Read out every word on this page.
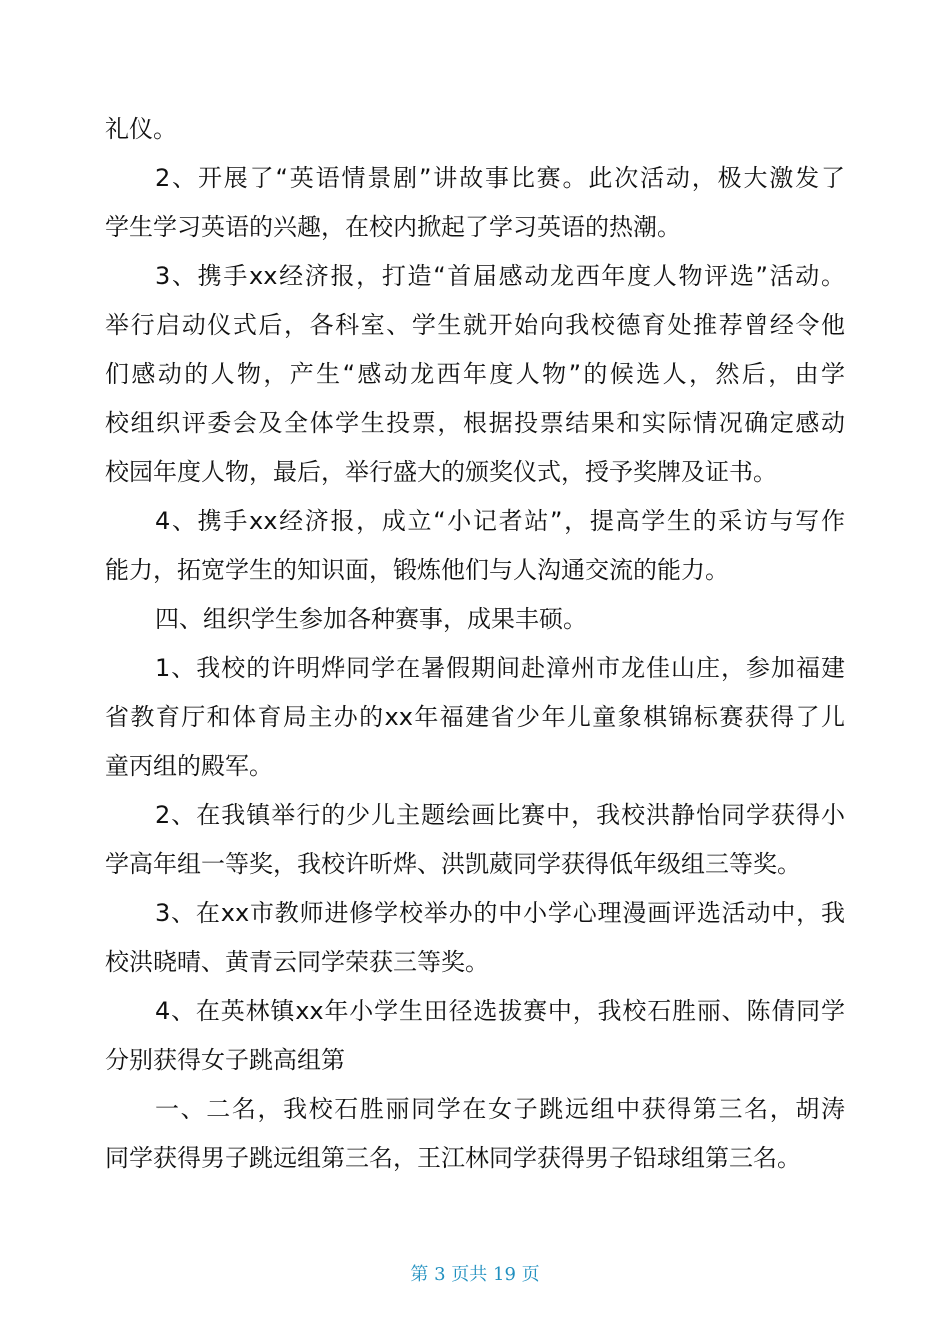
礼仪。
2、开展了“英语情景剧”讲故事比赛。此次活动，极大激发了
学生学习英语的兴趣，在校内掀起了学习英语的热潮。
3、携手xx经济报，打造“首届感动龙西年度人物评选”活动。
举行启动仪式后，各科室、学生就开始向我校德育处推荐曾经令他
们感动的人物，产生“感动龙西年度人物”的候选人，然后，由学
校组织评委会及全体学生投票，根据投票结果和实际情况确定感动
校园年度人物，最后，举行盛大的颁奖仪式，授予奖牌及证书。
4、携手xx经济报，成立“小记者站”，提高学生的采访与写作
能力，拓宽学生的知识面，锻炼他们与人沟通交流的能力。
四、组织学生参加各种赛事，成果丰硕。
1、我校的许明烨同学在暑假期间赴漳州市龙佳山庄，参加福建
省教育厅和体育局主办的xx年福建省少年儿童象棋锦标赛获得了儿
童丙组的殿军。
2、在我镇举行的少儿主题绘画比赛中，我校洪静怡同学获得小
学高年组一等奖，我校许昕烨、洪凯葳同学获得低年级组三等奖。
3、在xx市教师进修学校举办的中小学心理漫画评选活动中，我
校洪晓晴、黄青云同学荣获三等奖。
4、在英林镇xx年小学生田径选拔赛中，我校石胜丽、陈倩同学
分别获得女子跳高组第
一、二名，我校石胜丽同学在女子跳远组中获得第三名，胡涛
同学获得男子跳远组第三名，王江林同学获得男子铅球组第三名。
第 3 页共 19 页
